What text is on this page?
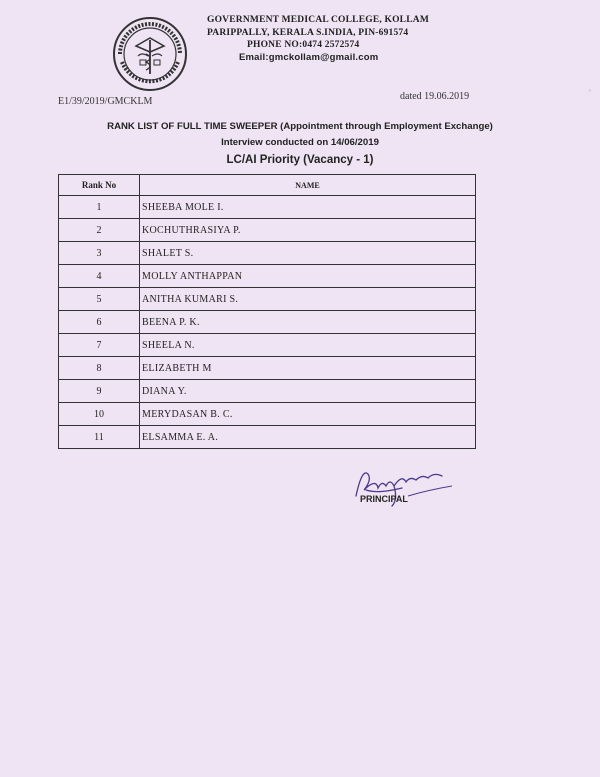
GOVERNMENT MEDICAL COLLEGE, KOLLAM
PARIPPALLY, KERALA S.INDIA, PIN-691574
PHONE NO:0474 2572574
Email:gmckollam@gmail.com
E1/39/2019/GMCKLM	dated 19.06.2019
RANK LIST OF FULL TIME SWEEPER (Appointment through Employment Exchange)
Interview conducted on 14/06/2019
LC/AI Priority (Vacancy - 1)
Rank No	NAME
1	SHEEBA MOLE I.
2	KOCHUTHRASIYA P.
3	SHALET S.
4	MOLLY ANTHAPPAN
5	ANITHA KUMARI S.
6	BEENA P. K.
7	SHEELA N.
8	ELIZABETH M
9	DIANA Y.
10	MERYDASAN B. C.
11	ELSAMMA E. A.
PRINCIPAL
"
